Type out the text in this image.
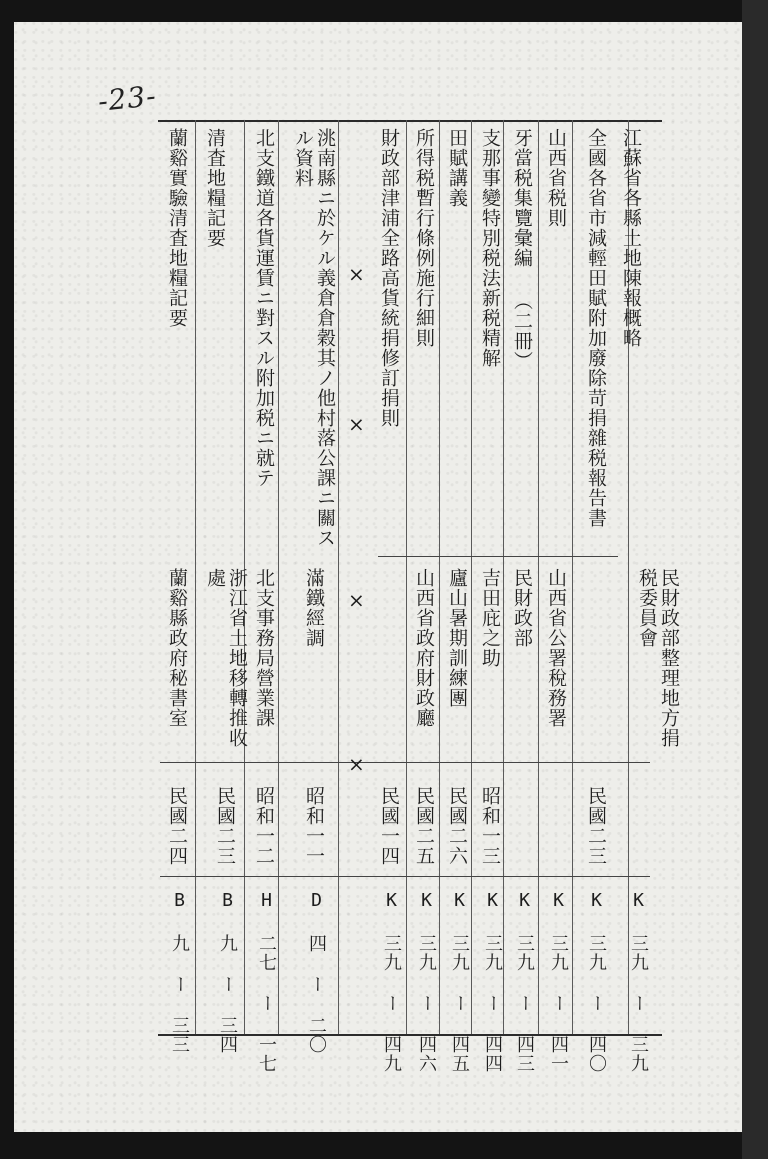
-23-
江蘇省各縣土地陳報概略
民財政部整理地方捐税委員會
K 三九 ー 三九
全國各省市減輕田賦附加廢除苛捐雜税報告書
民國二三
K 三九 ー 四〇
山西省税則
山西省公署稅務署
K 三九 ー 四一
牙當税集覽彙編 （二冊）
民財政部
K 三九 ー 四三
支那事變特別税法新税精解
吉田庇之助
昭和一三
K 三九 ー 四四
田賦講義
廬山暑期訓練團
民國二六
K 三九 ー 四五
所得税暫行條例施行細則
山西省政府財政廳
民國二五
K 三九 ー 四六
財政部津浦全路高貨統捐修訂捐則
民國一四
K 三九 ー 四九
×
×
×
×
洮南縣ニ於ケル義倉倉穀其ノ他村落公課ニ關スル資料
滿鐵經調
昭和一一
D 四 ー 二〇
北支鐵道各貨運賃ニ對スル附加税ニ就テ
北支事務局營業課
昭和一二
H 二七 ー 一七
清査地糧記要
浙江省土地移轉推收處
民國二三
B 九 ー 三四
蘭谿實驗清査地糧記要
蘭谿縣政府秘書室
民國二四
B 九 ー 三三
